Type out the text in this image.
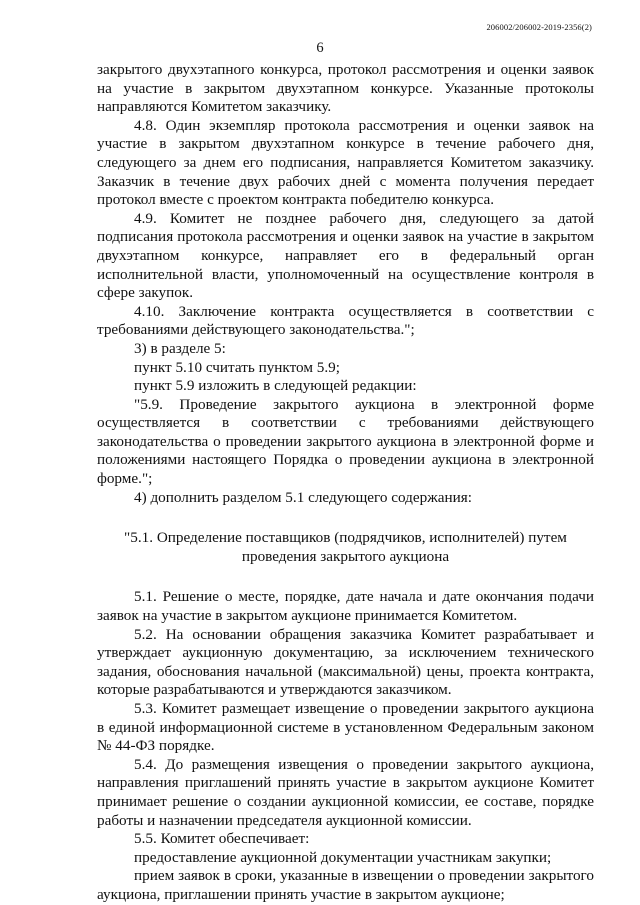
206002/206002-2019-2356(2)
6

закрытого двухэтапного конкурса, протокол рассмотрения и оценки заявок на участие в закрытом двухэтапном конкурсе. Указанные протоколы направляются Комитетом заказчику.

4.8. Один экземпляр протокола рассмотрения и оценки заявок на участие в закрытом двухэтапном конкурсе в течение рабочего дня, следующего за днем его подписания, направляется Комитетом заказчику. Заказчик в течение двух рабочих дней с момента получения передает протокол вместе с проектом контракта победителю конкурса.

4.9. Комитет не позднее рабочего дня, следующего за датой подписания протокола рассмотрения и оценки заявок на участие в закрытом двухэтапном конкурсе, направляет его в федеральный орган исполнительной власти, уполномоченный на осуществление контроля в сфере закупок.

4.10. Заключение контракта осуществляется в соответствии с требованиями действующего законодательства.";

3) в разделе 5:

пункт 5.10 считать пунктом 5.9;

пункт 5.9 изложить в следующей редакции:

"5.9. Проведение закрытого аукциона в электронной форме осуществляется в соответствии с требованиями действующего законодательства о проведении закрытого аукциона в электронной форме и положениями настоящего Порядка о проведении аукциона в электронной форме.";

4) дополнить разделом 5.1 следующего содержания:

"5.1. Определение поставщиков (подрядчиков, исполнителей) путем
проведения закрытого аукциона

5.1. Решение о месте, порядке, дате начала и дате окончания подачи заявок на участие в закрытом аукционе принимается Комитетом.

5.2. На основании обращения заказчика Комитет разрабатывает и утверждает аукционную документацию, за исключением технического задания, обоснования начальной (максимальной) цены, проекта контракта, которые разрабатываются и утверждаются заказчиком.

5.3. Комитет размещает извещение о проведении закрытого аукциона в единой информационной системе в установленном Федеральным законом № 44-ФЗ порядке.

5.4. До размещения извещения о проведении закрытого аукциона, направления приглашений принять участие в закрытом аукционе Комитет принимает решение о создании аукционной комиссии, ее составе, порядке работы и назначении председателя аукционной комиссии.

5.5. Комитет обеспечивает:

предоставление аукционной документации участникам закупки;

прием заявок в сроки, указанные в извещении о проведении закрытого аукциона, приглашении принять участие в закрытом аукционе;
